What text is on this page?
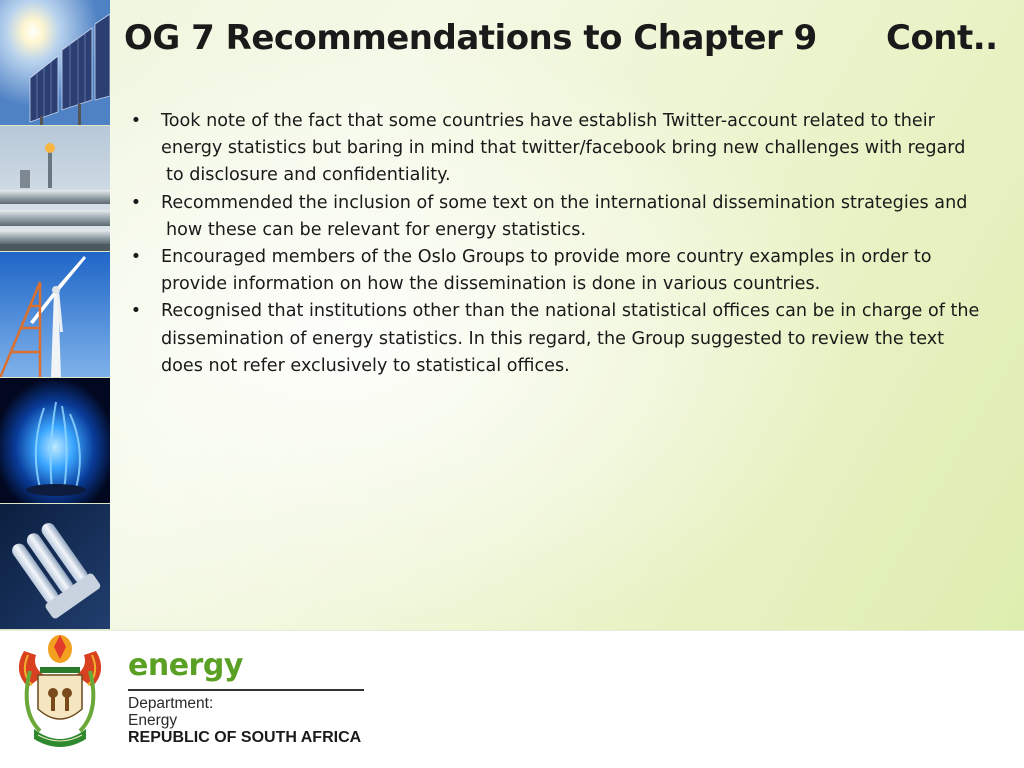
OG 7 Recommendations to Chapter 9 Cont..
• Took note of the fact that some countries have establish Twitter-account related to their
energy statistics but baring in mind that twitter/facebook bring new challenges with regard
to disclosure and confidentiality.
• Recommended the inclusion of some text on the international dissemination strategies and
how these can be relevant for energy statistics.
• Encouraged members of the Oslo Groups to provide more country examples in order to
provide information on how the dissemination is done in various countries.
• Recognised that institutions other than the national statistical offices can be in charge of the
dissemination of energy statistics. In this regard, the Group suggested to review the text
does not refer exclusively to statistical offices.
energy
Department:
Energy
REPUBLIC OF SOUTH AFRICA
